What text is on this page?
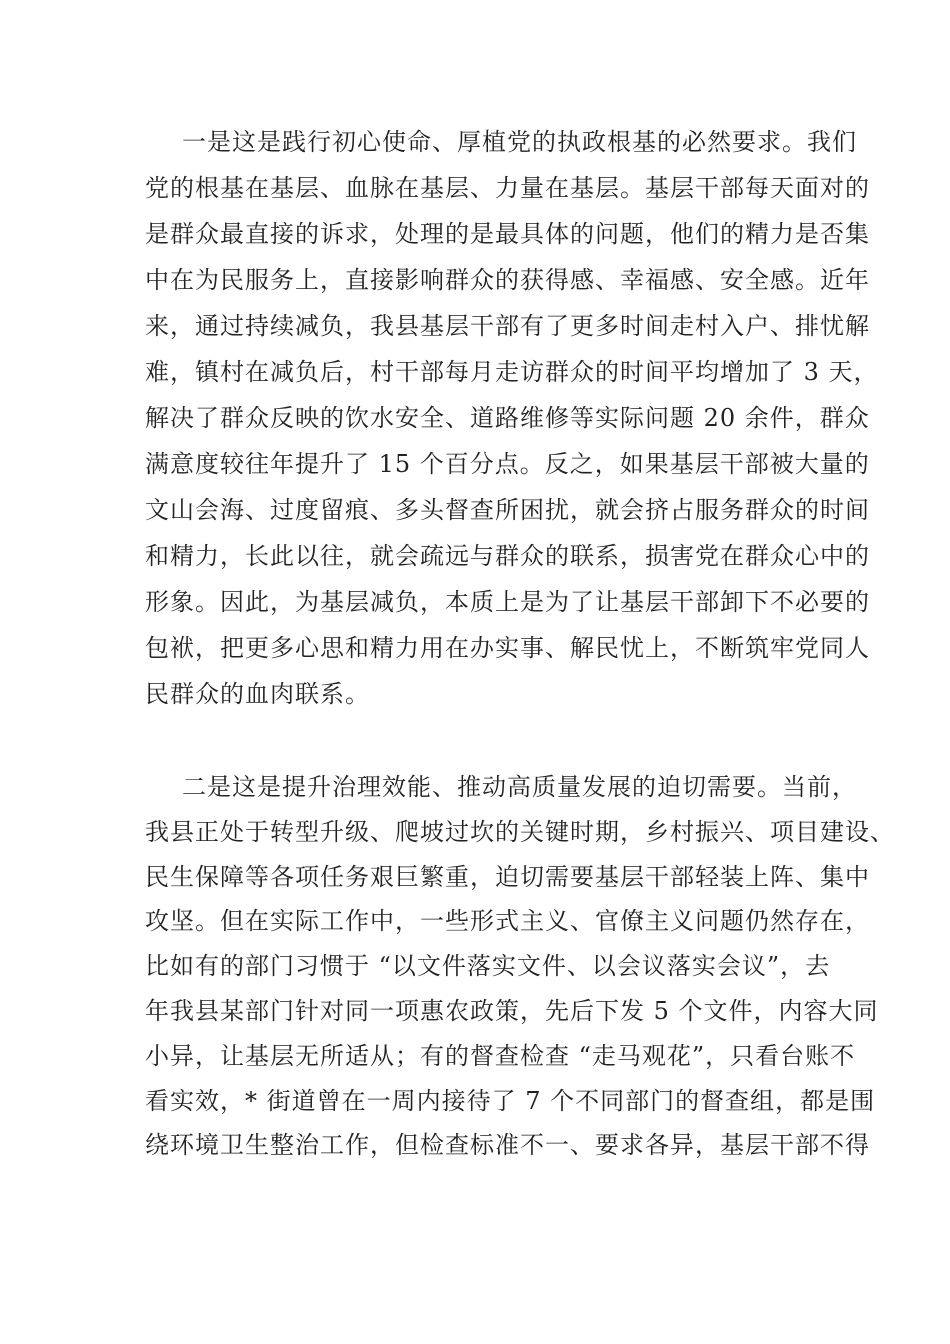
一是这是践行初心使命、厚植党的执政根基的必然要求。我们
党的根基在基层、血脉在基层、力量在基层。基层干部每天面对的
是群众最直接的诉求，处理的是最具体的问题，他们的精力是否集
中在为民服务上，直接影响群众的获得感、幸福感、安全感。近年
来，通过持续减负，我县基层干部有了更多时间走村入户、排忧解
难，镇村在减负后，村干部每月走访群众的时间平均增加了 3 天，
解决了群众反映的饮水安全、道路维修等实际问题 20 余件，群众
满意度较往年提升了 15 个百分点。反之，如果基层干部被大量的
文山会海、过度留痕、多头督查所困扰，就会挤占服务群众的时间
和精力，长此以往，就会疏远与群众的联系，损害党在群众心中的
形象。因此，为基层减负，本质上是为了让基层干部卸下不必要的
包袱，把更多心思和精力用在办实事、解民忧上，不断筑牢党同人
民群众的血肉联系。
二是这是提升治理效能、推动高质量发展的迫切需要。当前，
我县正处于转型升级、爬坡过坎的关键时期，乡村振兴、项目建设、
民生保障等各项任务艰巨繁重，迫切需要基层干部轻装上阵、集中
攻坚。但在实际工作中，一些形式主义、官僚主义问题仍然存在，
比如有的部门习惯于 “以文件落实文件、以会议落实会议”，去
年我县某部门针对同一项惠农政策，先后下发 5 个文件，内容大同
小异，让基层无所适从；有的督查检查 “走马观花”，只看台账不
看实效，* 街道曾在一周内接待了 7 个不同部门的督查组，都是围
绕环境卫生整治工作，但检查标准不一、要求各异，基层干部不得
